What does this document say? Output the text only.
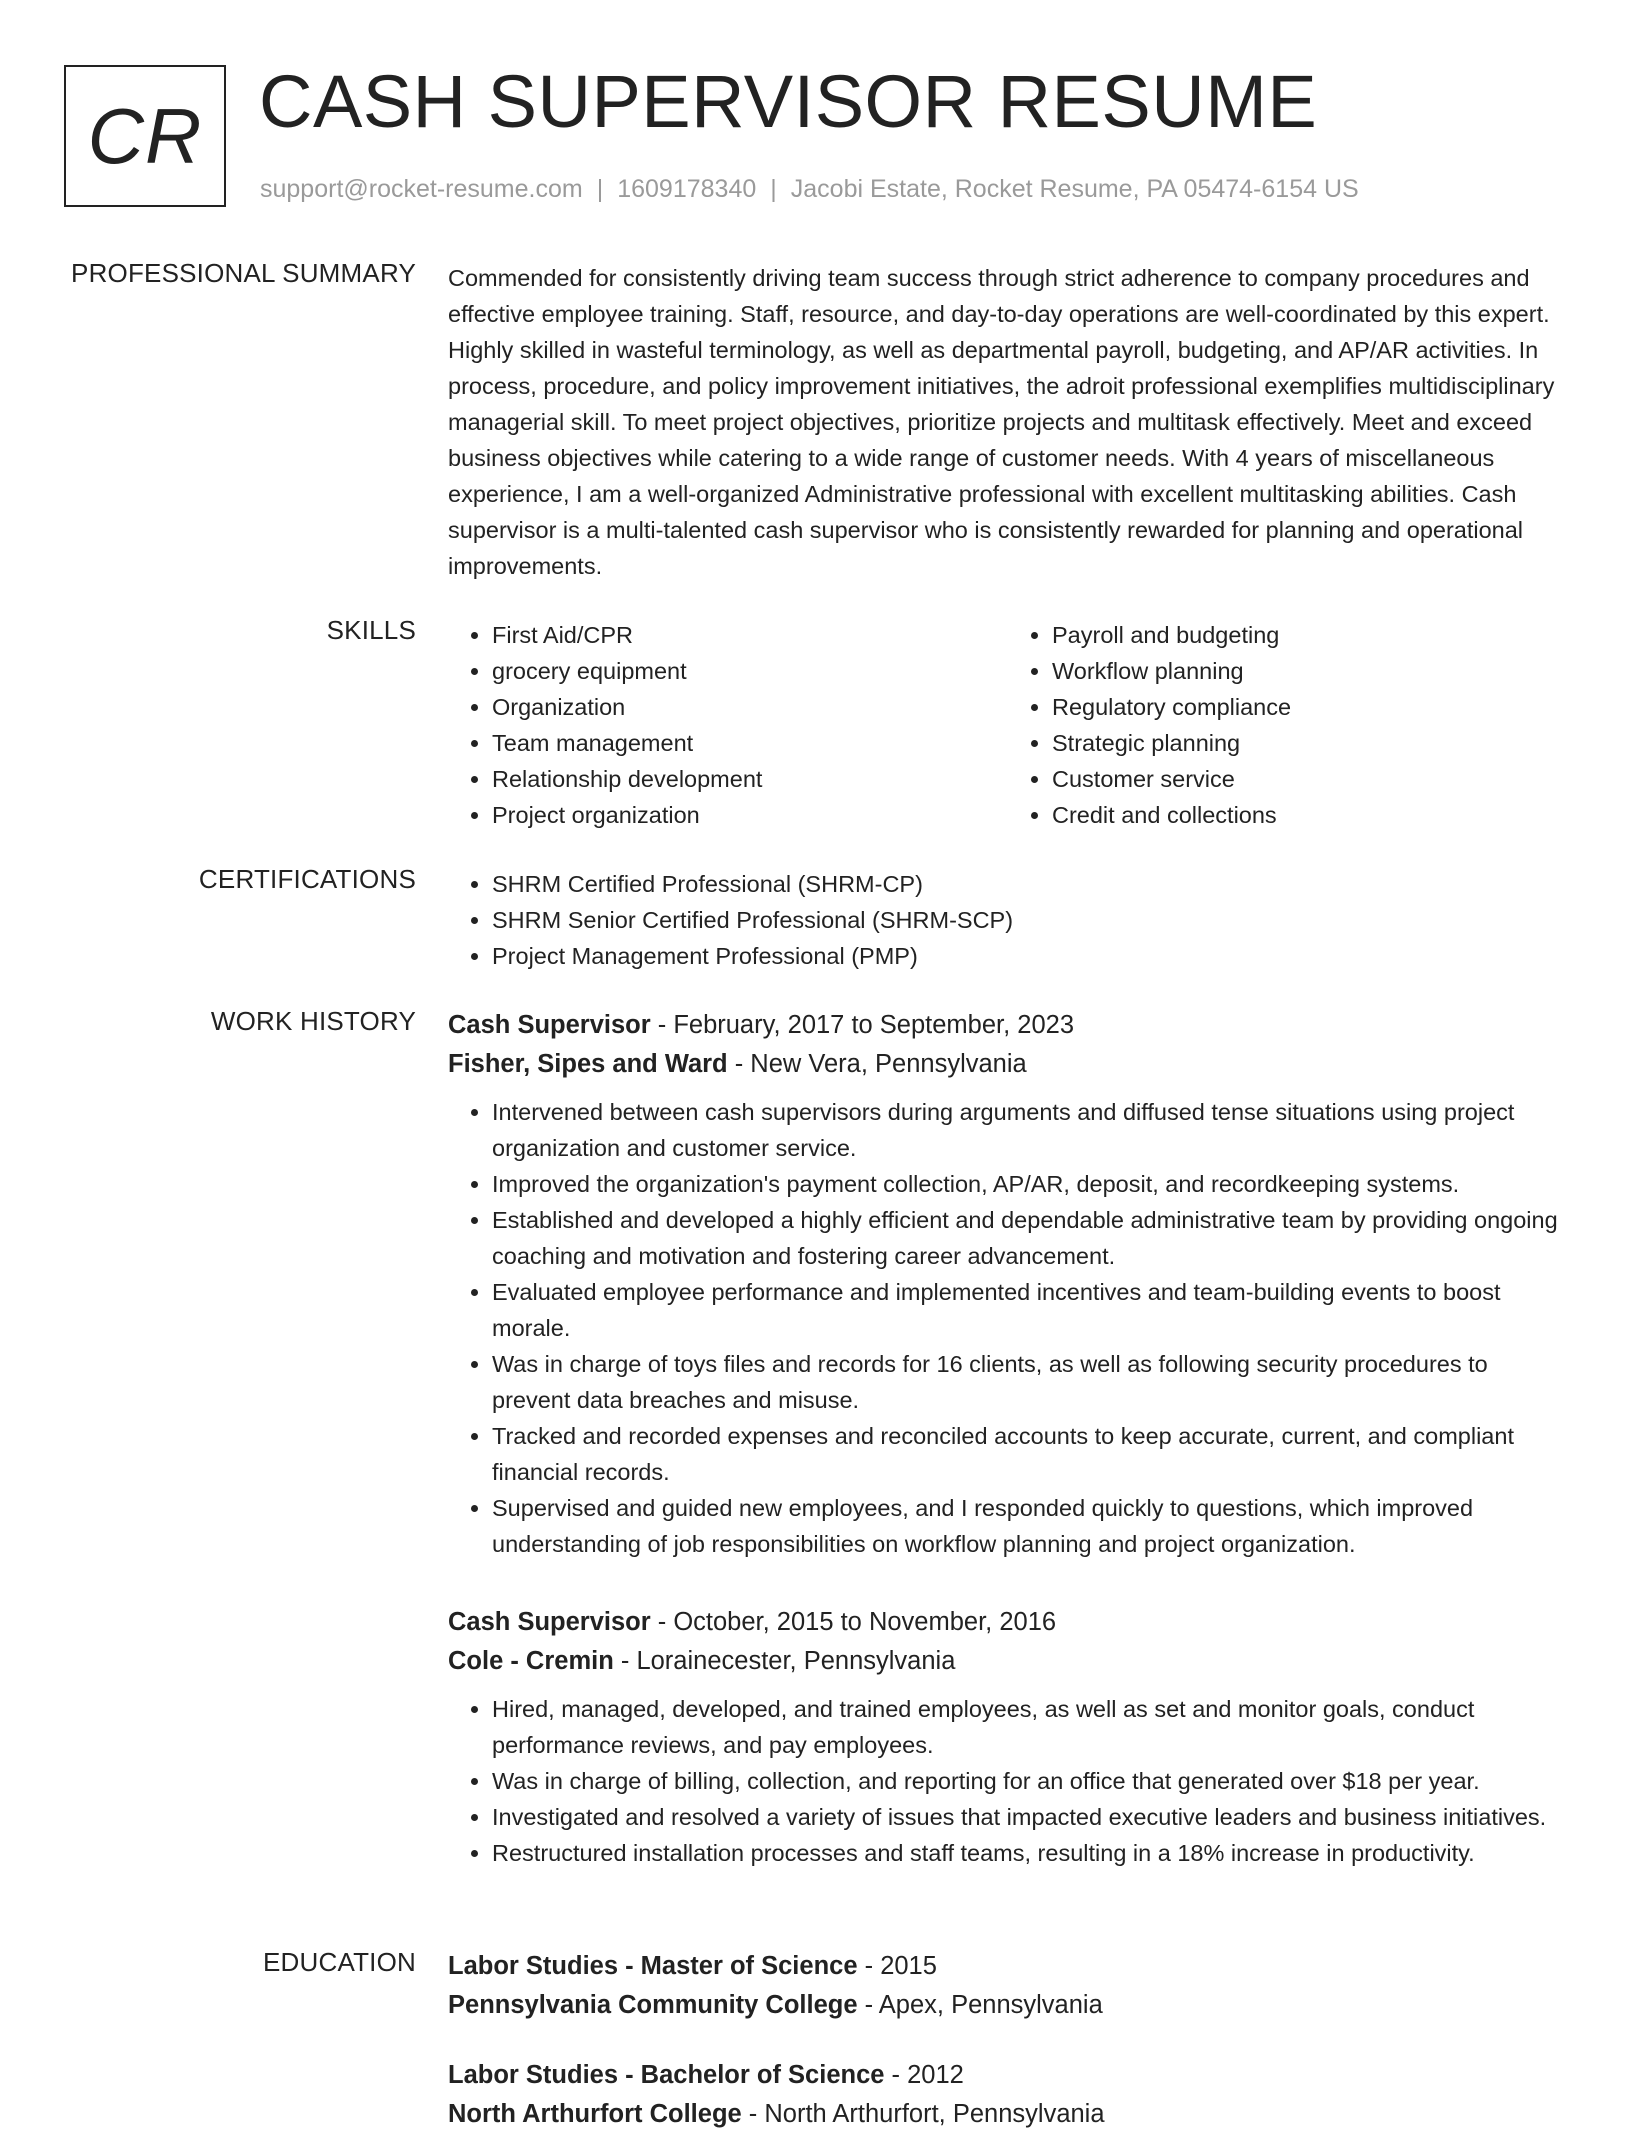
CR CASH SUPERVISOR RESUME
support@rocket-resume.com | 1609178340 | Jacobi Estate, Rocket Resume, PA 05474-6154 US
PROFESSIONAL SUMMARY Commended for consistently driving team success through strict adherence to company procedures and effective employee training. Staff, resource, and day-to-day operations are well-coordinated by this expert. Highly skilled in wasteful terminology, as well as departmental payroll, budgeting, and AP/AR activities. In process, procedure, and policy improvement initiatives, the adroit professional exemplifies multidisciplinary managerial skill. To meet project objectives, prioritize projects and multitask effectively. Meet and exceed business objectives while catering to a wide range of customer needs. With 4 years of miscellaneous experience, I am a well-organized Administrative professional with excellent multitasking abilities. Cash supervisor is a multi-talented cash supervisor who is consistently rewarded for planning and operational improvements.

SKILLS	• First Aid/CPR
• grocery equipment
• Organization
• Team management
• Relationship development
• Project organization
• Payroll and budgeting
• Workflow planning
• Regulatory compliance
• Strategic planning
• Customer service
• Credit and collections
CERTIFICATIONS	• SHRM Certified Professional (SHRM-CP)
• SHRM Senior Certified Professional (SHRM-SCP)
• Project Management Professional (PMP)
WORK HISTORY Cash Supervisor - February, 2017 to September, 2023
Fisher, Sipes and Ward - New Vera, Pennsylvania
• Intervened between cash supervisors during arguments and diffused tense situations using project organization and customer service.
• Improved the organization's payment collection, AP/AR, deposit, and recordkeeping systems.
• Established and developed a highly efficient and dependable administrative team by providing ongoing coaching and motivation and fostering career advancement.
• Evaluated employee performance and implemented incentives and team-building events to boost morale.
• Was in charge of toys files and records for 16 clients, as well as following security procedures to prevent data breaches and misuse.
• Tracked and recorded expenses and reconciled accounts to keep accurate, current, and compliant financial records.
• Supervised and guided new employees, and I responded quickly to questions, which improved understanding of job responsibilities on workflow planning and project organization.
Cash Supervisor - October, 2015 to November, 2016
Cole - Cremin - Lorainecester, Pennsylvania
• Hired, managed, developed, and trained employees, as well as set and monitor goals, conduct performance reviews, and pay employees.
• Was in charge of billing, collection, and reporting for an office that generated over $18 per year.
• Investigated and resolved a variety of issues that impacted executive leaders and business initiatives.
• Restructured installation processes and staff teams, resulting in a 18% increase in productivity.
EDUCATION Labor Studies - Master of Science - 2015
Pennsylvania Community College - Apex, Pennsylvania
Labor Studies - Bachelor of Science - 2012
North Arthurfort College - North Arthurfort, Pennsylvania
